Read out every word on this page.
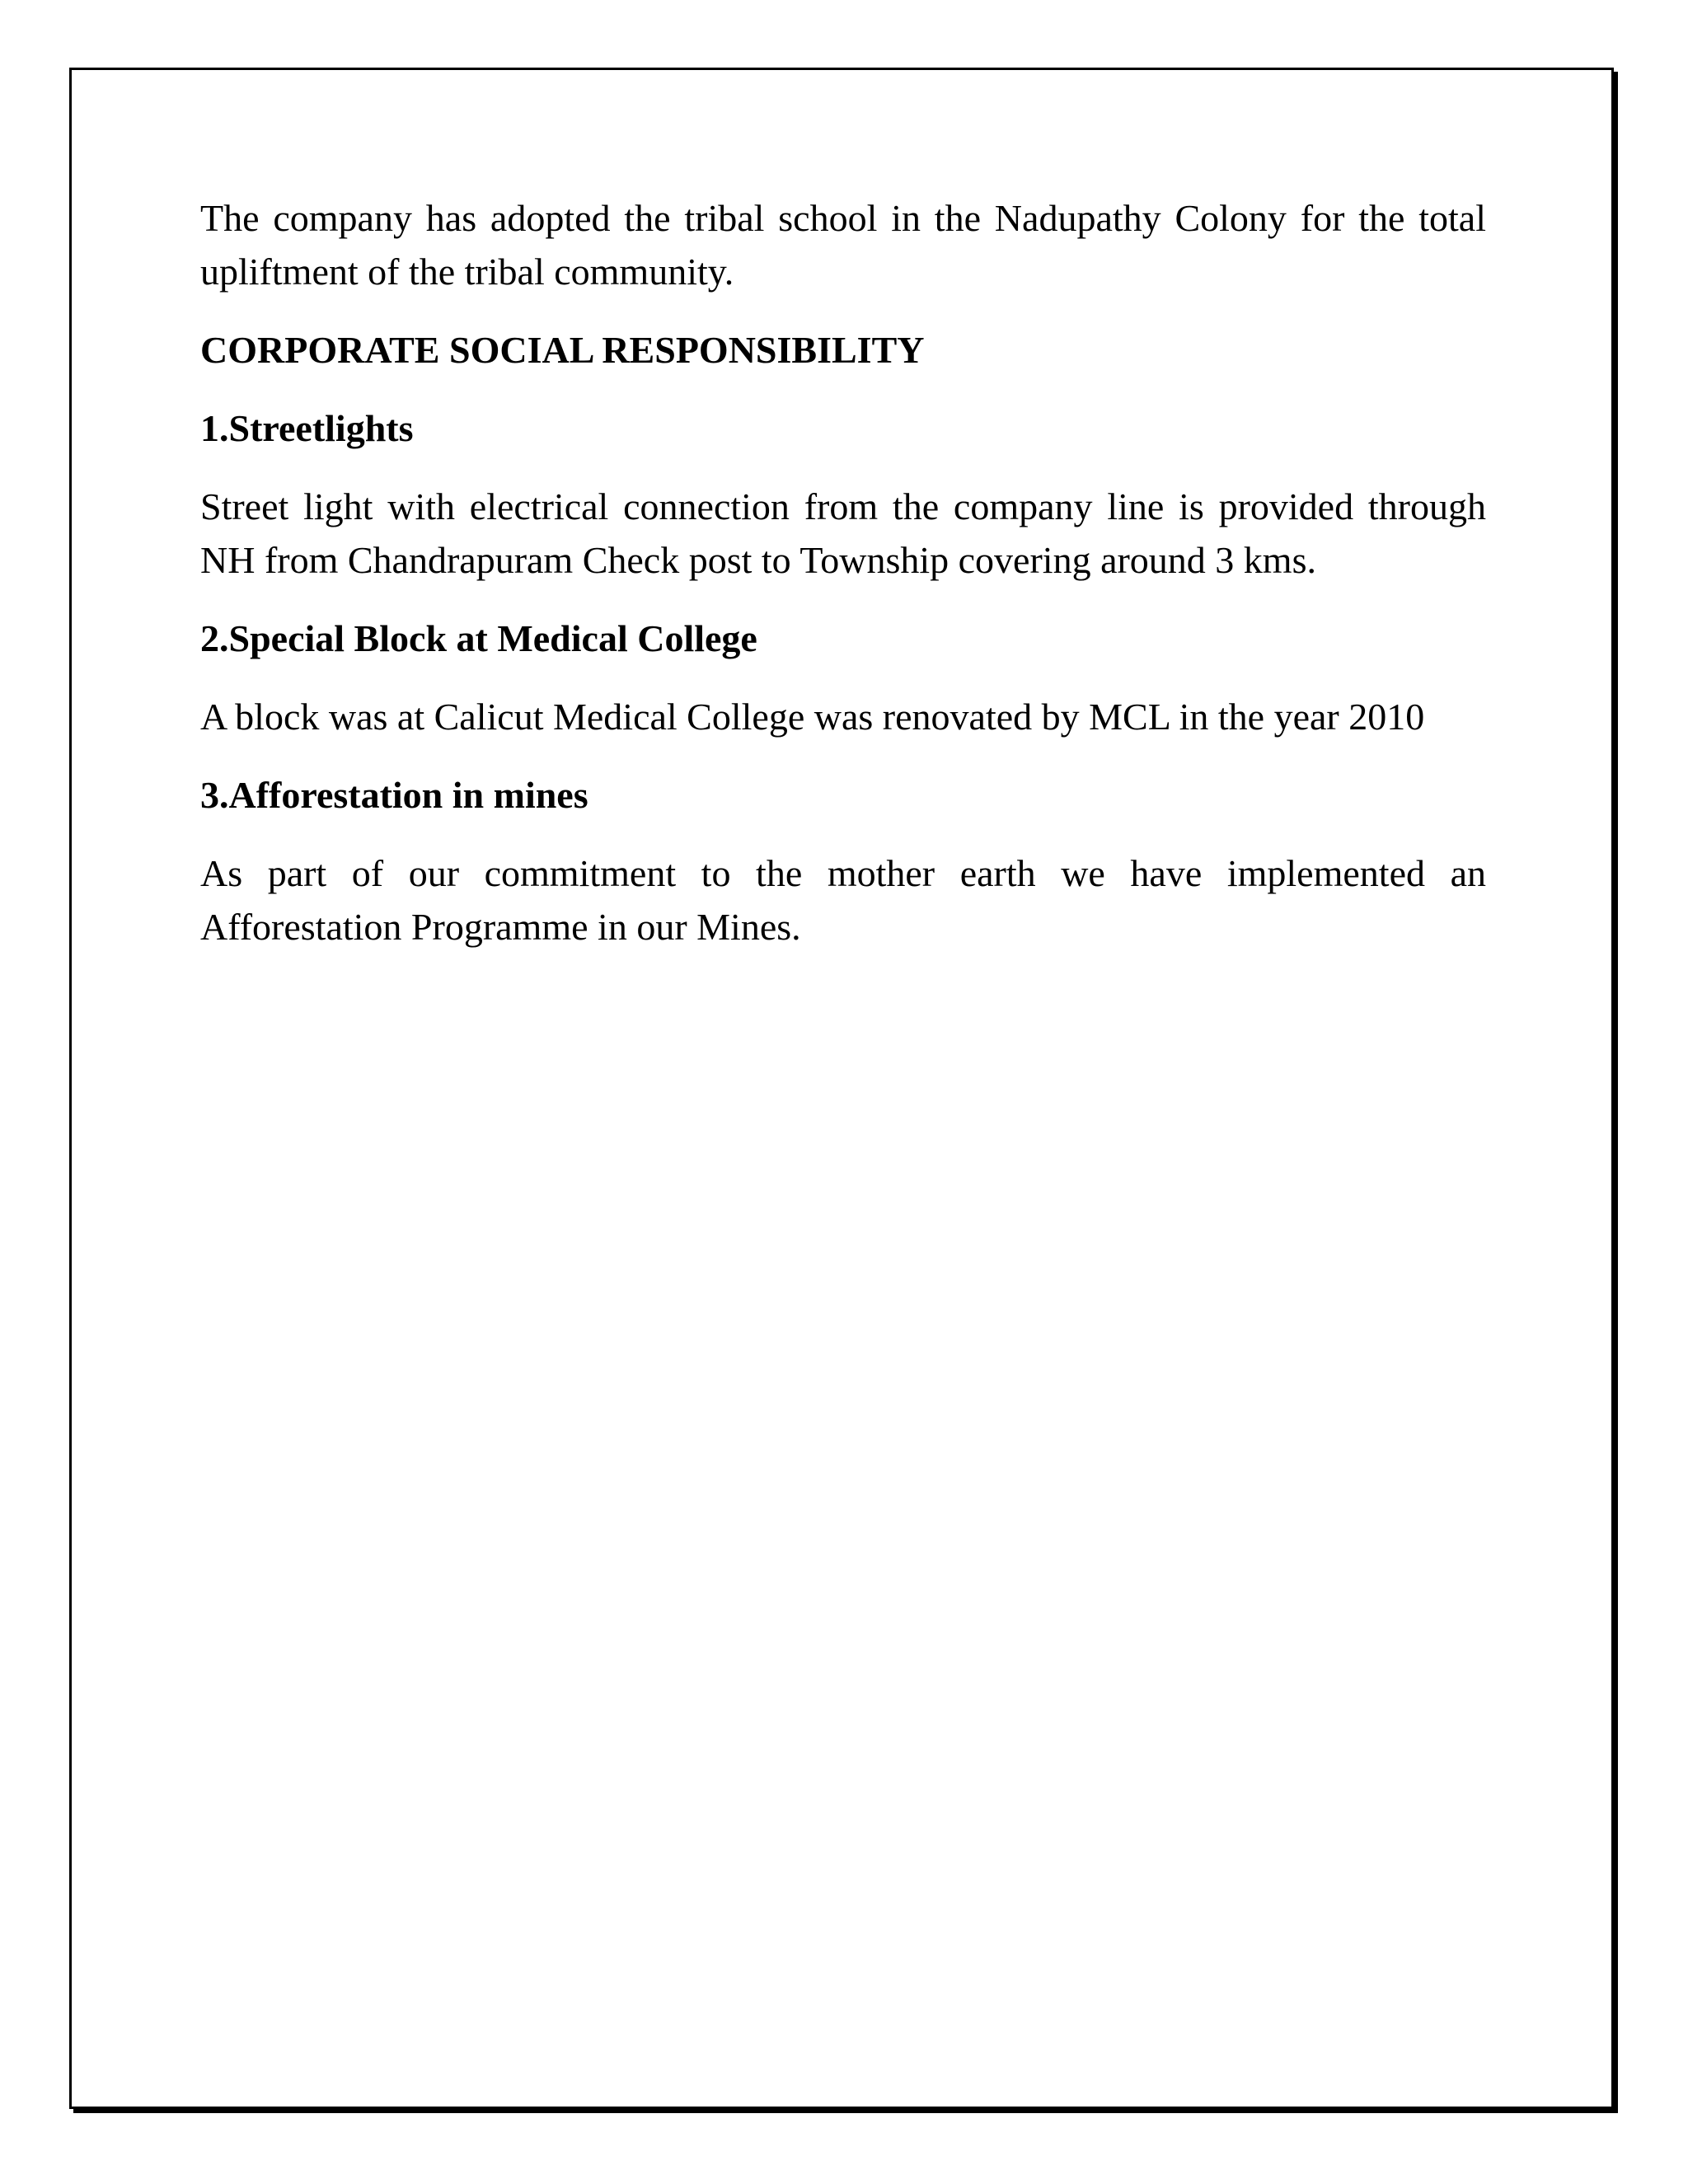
The company has adopted the tribal school in the Nadupathy Colony for the total
upliftment of the tribal community.

CORPORATE SOCIAL RESPONSIBILITY

1.Streetlights

Street light with electrical connection from the company line is provided through
NH from Chandrapuram Check post to Township covering around 3 kms.

2.Special Block at Medical College

A block was at Calicut Medical College was renovated by MCL in the year 2010

3.Afforestation in mines

As part of our commitment to the mother earth we have implemented an
Afforestation Programme in our Mines.
